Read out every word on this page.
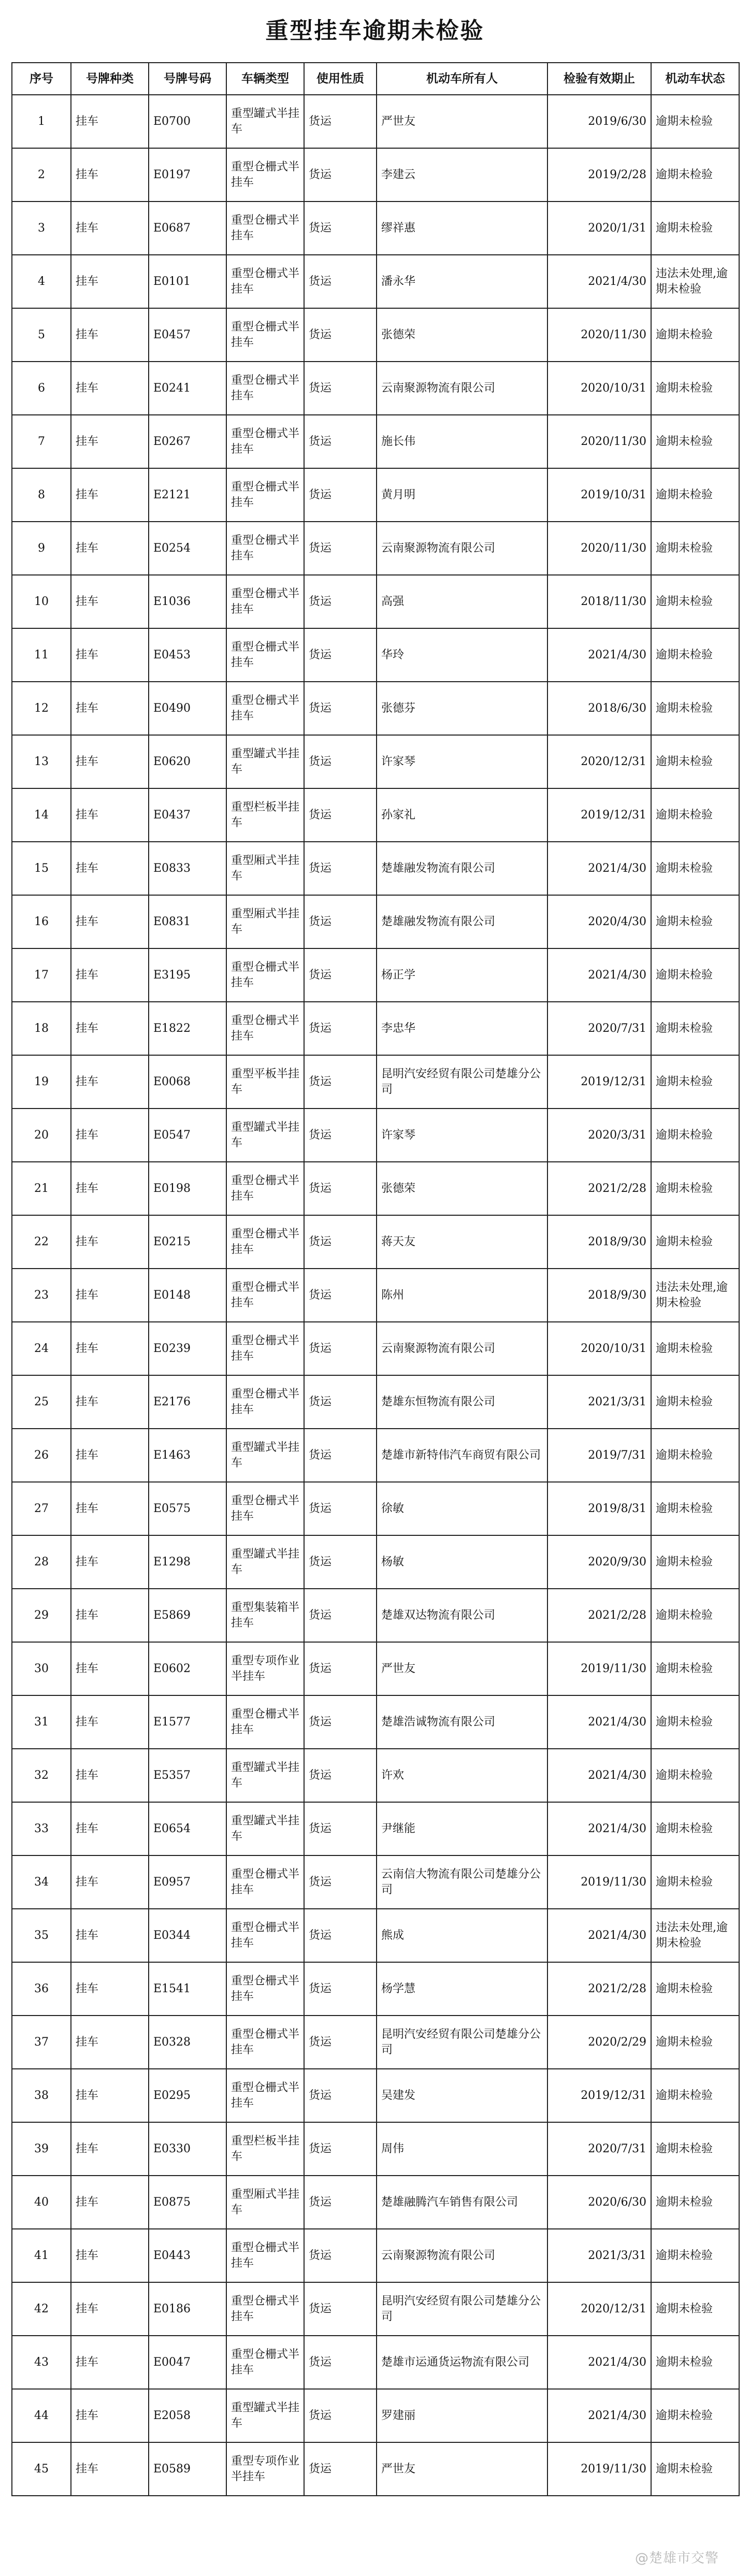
重型挂车逾期未检验
序号	号牌种类	号牌号码	车辆类型	使用性质	机动车所有人	检验有效期止	机动车状态
1	挂车	E0700	重型罐式半挂车	货运	严世友	2019/6/30	逾期未检验
2	挂车	E0197	重型仓栅式半挂车	货运	李建云	2019/2/28	逾期未检验
3	挂车	E0687	重型仓栅式半挂车	货运	缪祥惠	2020/1/31	逾期未检验
4	挂车	E0101	重型仓栅式半挂车	货运	潘永华	2021/4/30	违法未处理,逾期未检验
5	挂车	E0457	重型仓栅式半挂车	货运	张德荣	2020/11/30	逾期未检验
6	挂车	E0241	重型仓栅式半挂车	货运	云南聚源物流有限公司	2020/10/31	逾期未检验
7	挂车	E0267	重型仓栅式半挂车	货运	施长伟	2020/11/30	逾期未检验
8	挂车	E2121	重型仓栅式半挂车	货运	黄月明	2019/10/31	逾期未检验
9	挂车	E0254	重型仓栅式半挂车	货运	云南聚源物流有限公司	2020/11/30	逾期未检验
10	挂车	E1036	重型仓栅式半挂车	货运	高强	2018/11/30	逾期未检验
11	挂车	E0453	重型仓栅式半挂车	货运	华玲	2021/4/30	逾期未检验
12	挂车	E0490	重型仓栅式半挂车	货运	张德芬	2018/6/30	逾期未检验
13	挂车	E0620	重型罐式半挂车	货运	许家琴	2020/12/31	逾期未检验
14	挂车	E0437	重型栏板半挂车	货运	孙家礼	2019/12/31	逾期未检验
15	挂车	E0833	重型厢式半挂车	货运	楚雄融发物流有限公司	2021/4/30	逾期未检验
16	挂车	E0831	重型厢式半挂车	货运	楚雄融发物流有限公司	2020/4/30	逾期未检验
17	挂车	E3195	重型仓栅式半挂车	货运	杨正学	2021/4/30	逾期未检验
18	挂车	E1822	重型仓栅式半挂车	货运	李忠华	2020/7/31	逾期未检验
19	挂车	E0068	重型平板半挂车	货运	昆明汽安经贸有限公司楚雄分公司	2019/12/31	逾期未检验
20	挂车	E0547	重型罐式半挂车	货运	许家琴	2020/3/31	逾期未检验
21	挂车	E0198	重型仓栅式半挂车	货运	张德荣	2021/2/28	逾期未检验
22	挂车	E0215	重型仓栅式半挂车	货运	蒋天友	2018/9/30	逾期未检验
23	挂车	E0148	重型仓栅式半挂车	货运	陈州	2018/9/30	违法未处理,逾期未检验
24	挂车	E0239	重型仓栅式半挂车	货运	云南聚源物流有限公司	2020/10/31	逾期未检验
25	挂车	E2176	重型仓栅式半挂车	货运	楚雄东恒物流有限公司	2021/3/31	逾期未检验
26	挂车	E1463	重型罐式半挂车	货运	楚雄市新特伟汽车商贸有限公司	2019/7/31	逾期未检验
27	挂车	E0575	重型仓栅式半挂车	货运	徐敏	2019/8/31	逾期未检验
28	挂车	E1298	重型罐式半挂车	货运	杨敏	2020/9/30	逾期未检验
29	挂车	E5869	重型集装箱半挂车	货运	楚雄双达物流有限公司	2021/2/28	逾期未检验
30	挂车	E0602	重型专项作业半挂车	货运	严世友	2019/11/30	逾期未检验
31	挂车	E1577	重型仓栅式半挂车	货运	楚雄浩诚物流有限公司	2021/4/30	逾期未检验
32	挂车	E5357	重型罐式半挂车	货运	许欢	2021/4/30	逾期未检验
33	挂车	E0654	重型罐式半挂车	货运	尹继能	2021/4/30	逾期未检验
34	挂车	E0957	重型仓栅式半挂车	货运	云南信大物流有限公司楚雄分公司	2019/11/30	逾期未检验
35	挂车	E0344	重型仓栅式半挂车	货运	熊成	2021/4/30	违法未处理,逾期未检验
36	挂车	E1541	重型仓栅式半挂车	货运	杨学慧	2021/2/28	逾期未检验
37	挂车	E0328	重型仓栅式半挂车	货运	昆明汽安经贸有限公司楚雄分公司	2020/2/29	逾期未检验
38	挂车	E0295	重型仓栅式半挂车	货运	吴建发	2019/12/31	逾期未检验
39	挂车	E0330	重型栏板半挂车	货运	周伟	2020/7/31	逾期未检验
40	挂车	E0875	重型厢式半挂车	货运	楚雄融腾汽车销售有限公司	2020/6/30	逾期未检验
41	挂车	E0443	重型仓栅式半挂车	货运	云南聚源物流有限公司	2021/3/31	逾期未检验
42	挂车	E0186	重型仓栅式半挂车	货运	昆明汽安经贸有限公司楚雄分公司	2020/12/31	逾期未检验
43	挂车	E0047	重型仓栅式半挂车	货运	楚雄市运通货运物流有限公司	2021/4/30	逾期未检验
44	挂车	E2058	重型罐式半挂车	货运	罗建丽	2021/4/30	逾期未检验
45	挂车	E0589	重型专项作业半挂车	货运	严世友	2019/11/30	逾期未检验
@楚雄市交警
